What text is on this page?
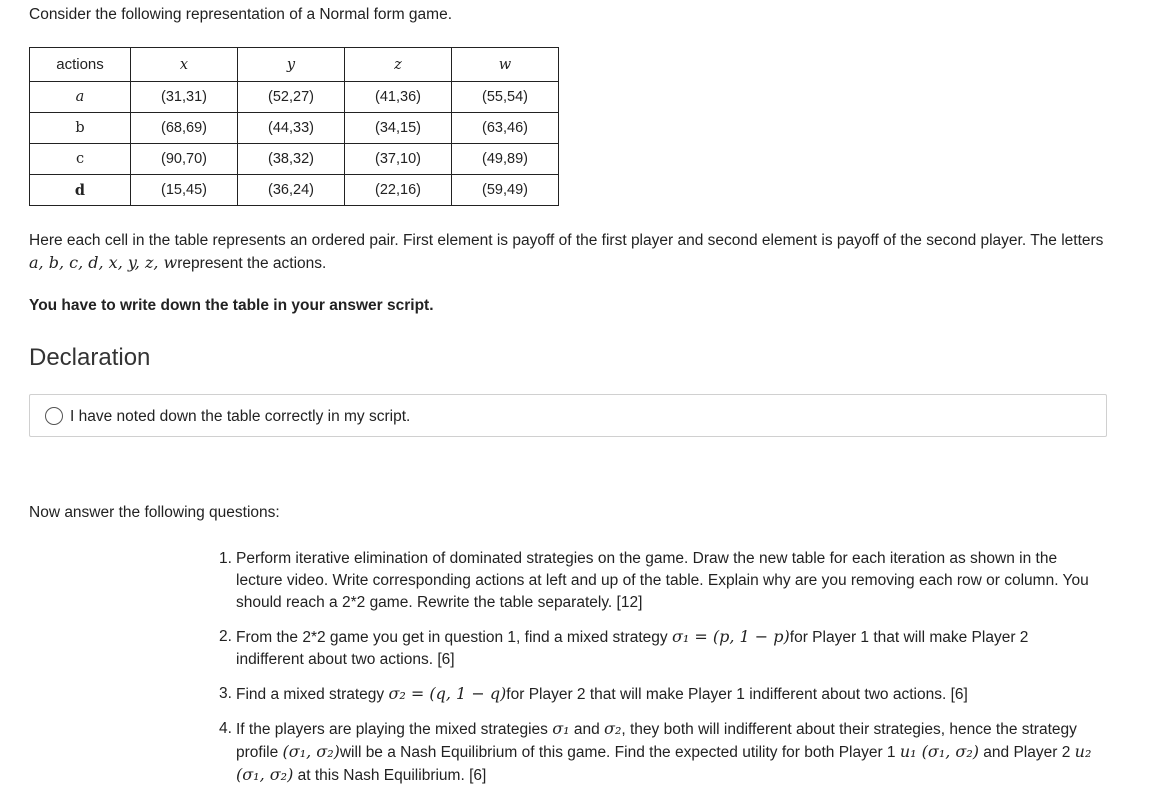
Consider the following representation of a Normal form game.
actions	x	y	z	w
a	(31,31)	(52,27)	(41,36)	(55,54)
b	(68,69)	(44,33)	(34,15)	(63,46)
c	(90,70)	(38,32)	(37,10)	(49,89)
d	(15,45)	(36,24)	(22,16)	(59,49)
Here each cell in the table represents an ordered pair. First element is payoff of the first player and second element is payoff of the second player. The letters a, b, c, d, x, y, z, wrepresent the actions.
You have to write down the table in your answer script.
Declaration
I have noted down the table correctly in my script.
Now answer the following questions:
1. Perform iterative elimination of dominated strategies on the game. Draw the new table for each iteration as shown in the lecture video. Write corresponding actions at left and up of the table. Explain why are you removing each row or column. You should reach a 2*2 game. Rewrite the table separately. [12]
2. From the 2*2 game you get in question 1, find a mixed strategy σ₁ = (p, 1 − p)for Player 1 that will make Player 2 indifferent about two actions. [6]
3. Find a mixed strategy σ₂ = (q, 1 − q)for Player 2 that will make Player 1 indifferent about two actions. [6]
4. If the players are playing the mixed strategies σ₁ and σ₂, they both will indifferent about their strategies, hence the strategy profile (σ₁, σ₂)will be a Nash Equilibrium of this game. Find the expected utility for both Player 1 u₁ (σ₁, σ₂) and Player 2 u₂ (σ₁, σ₂) at this Nash Equilibrium. [6]
